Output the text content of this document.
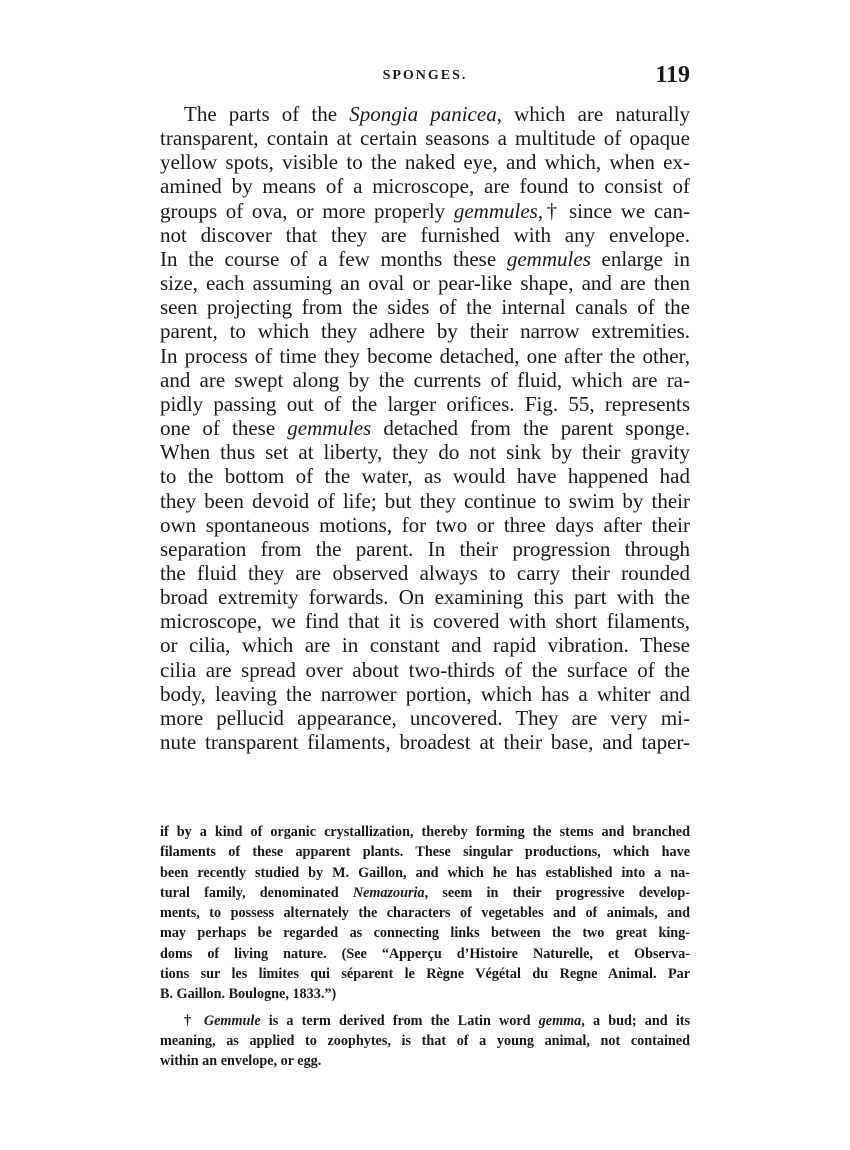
SPONGES.	119
The parts of the Spongia panicea, which are naturally
transparent, contain at certain seasons a multitude of opaque
yellow spots, visible to the naked eye, and which, when ex-
amined by means of a microscope, are found to consist of
groups of ova, or more properly gemmules,† since we can-
not discover that they are furnished with any envelope.
In the course of a few months these gemmules enlarge in
size, each assuming an oval or pear-like shape, and are then
seen projecting from the sides of the internal canals of the
parent, to which they adhere by their narrow extremities.
In process of time they become detached, one after the other,
and are swept along by the currents of fluid, which are ra-
pidly passing out of the larger orifices. Fig. 55, represents
one of these gemmules detached from the parent sponge.
When thus set at liberty, they do not sink by their gravity
to the bottom of the water, as would have happened had
they been devoid of life; but they continue to swim by their
own spontaneous motions, for two or three days after their
separation from the parent. In their progression through
the fluid they are observed always to carry their rounded
broad extremity forwards. On examining this part with the
microscope, we find that it is covered with short filaments,
or cilia, which are in constant and rapid vibration. These
cilia are spread over about two-thirds of the surface of the
body, leaving the narrower portion, which has a whiter and
more pellucid appearance, uncovered. They are very mi-
nute transparent filaments, broadest at their base, and taper-
if by a kind of organic crystallization, thereby forming the stems and branched
filaments of these apparent plants. These singular productions, which have
been recently studied by M. Gaillon, and which he has established into a na-
tural family, denominated Nemazouria, seem in their progressive develop-
ments, to possess alternately the characters of vegetables and of animals, and
may perhaps be regarded as connecting links between the two great king-
doms of living nature. (See “Apperçu d’Histoire Naturelle, et Observa-
tions sur les limites qui séparent le Règne Végétal du Regne Animal. Par
B. Gaillon. Boulogne, 1833.”)
† Gemmule is a term derived from the Latin word gemma, a bud; and its
meaning, as applied to zoophytes, is that of a young animal, not contained
within an envelope, or egg.
